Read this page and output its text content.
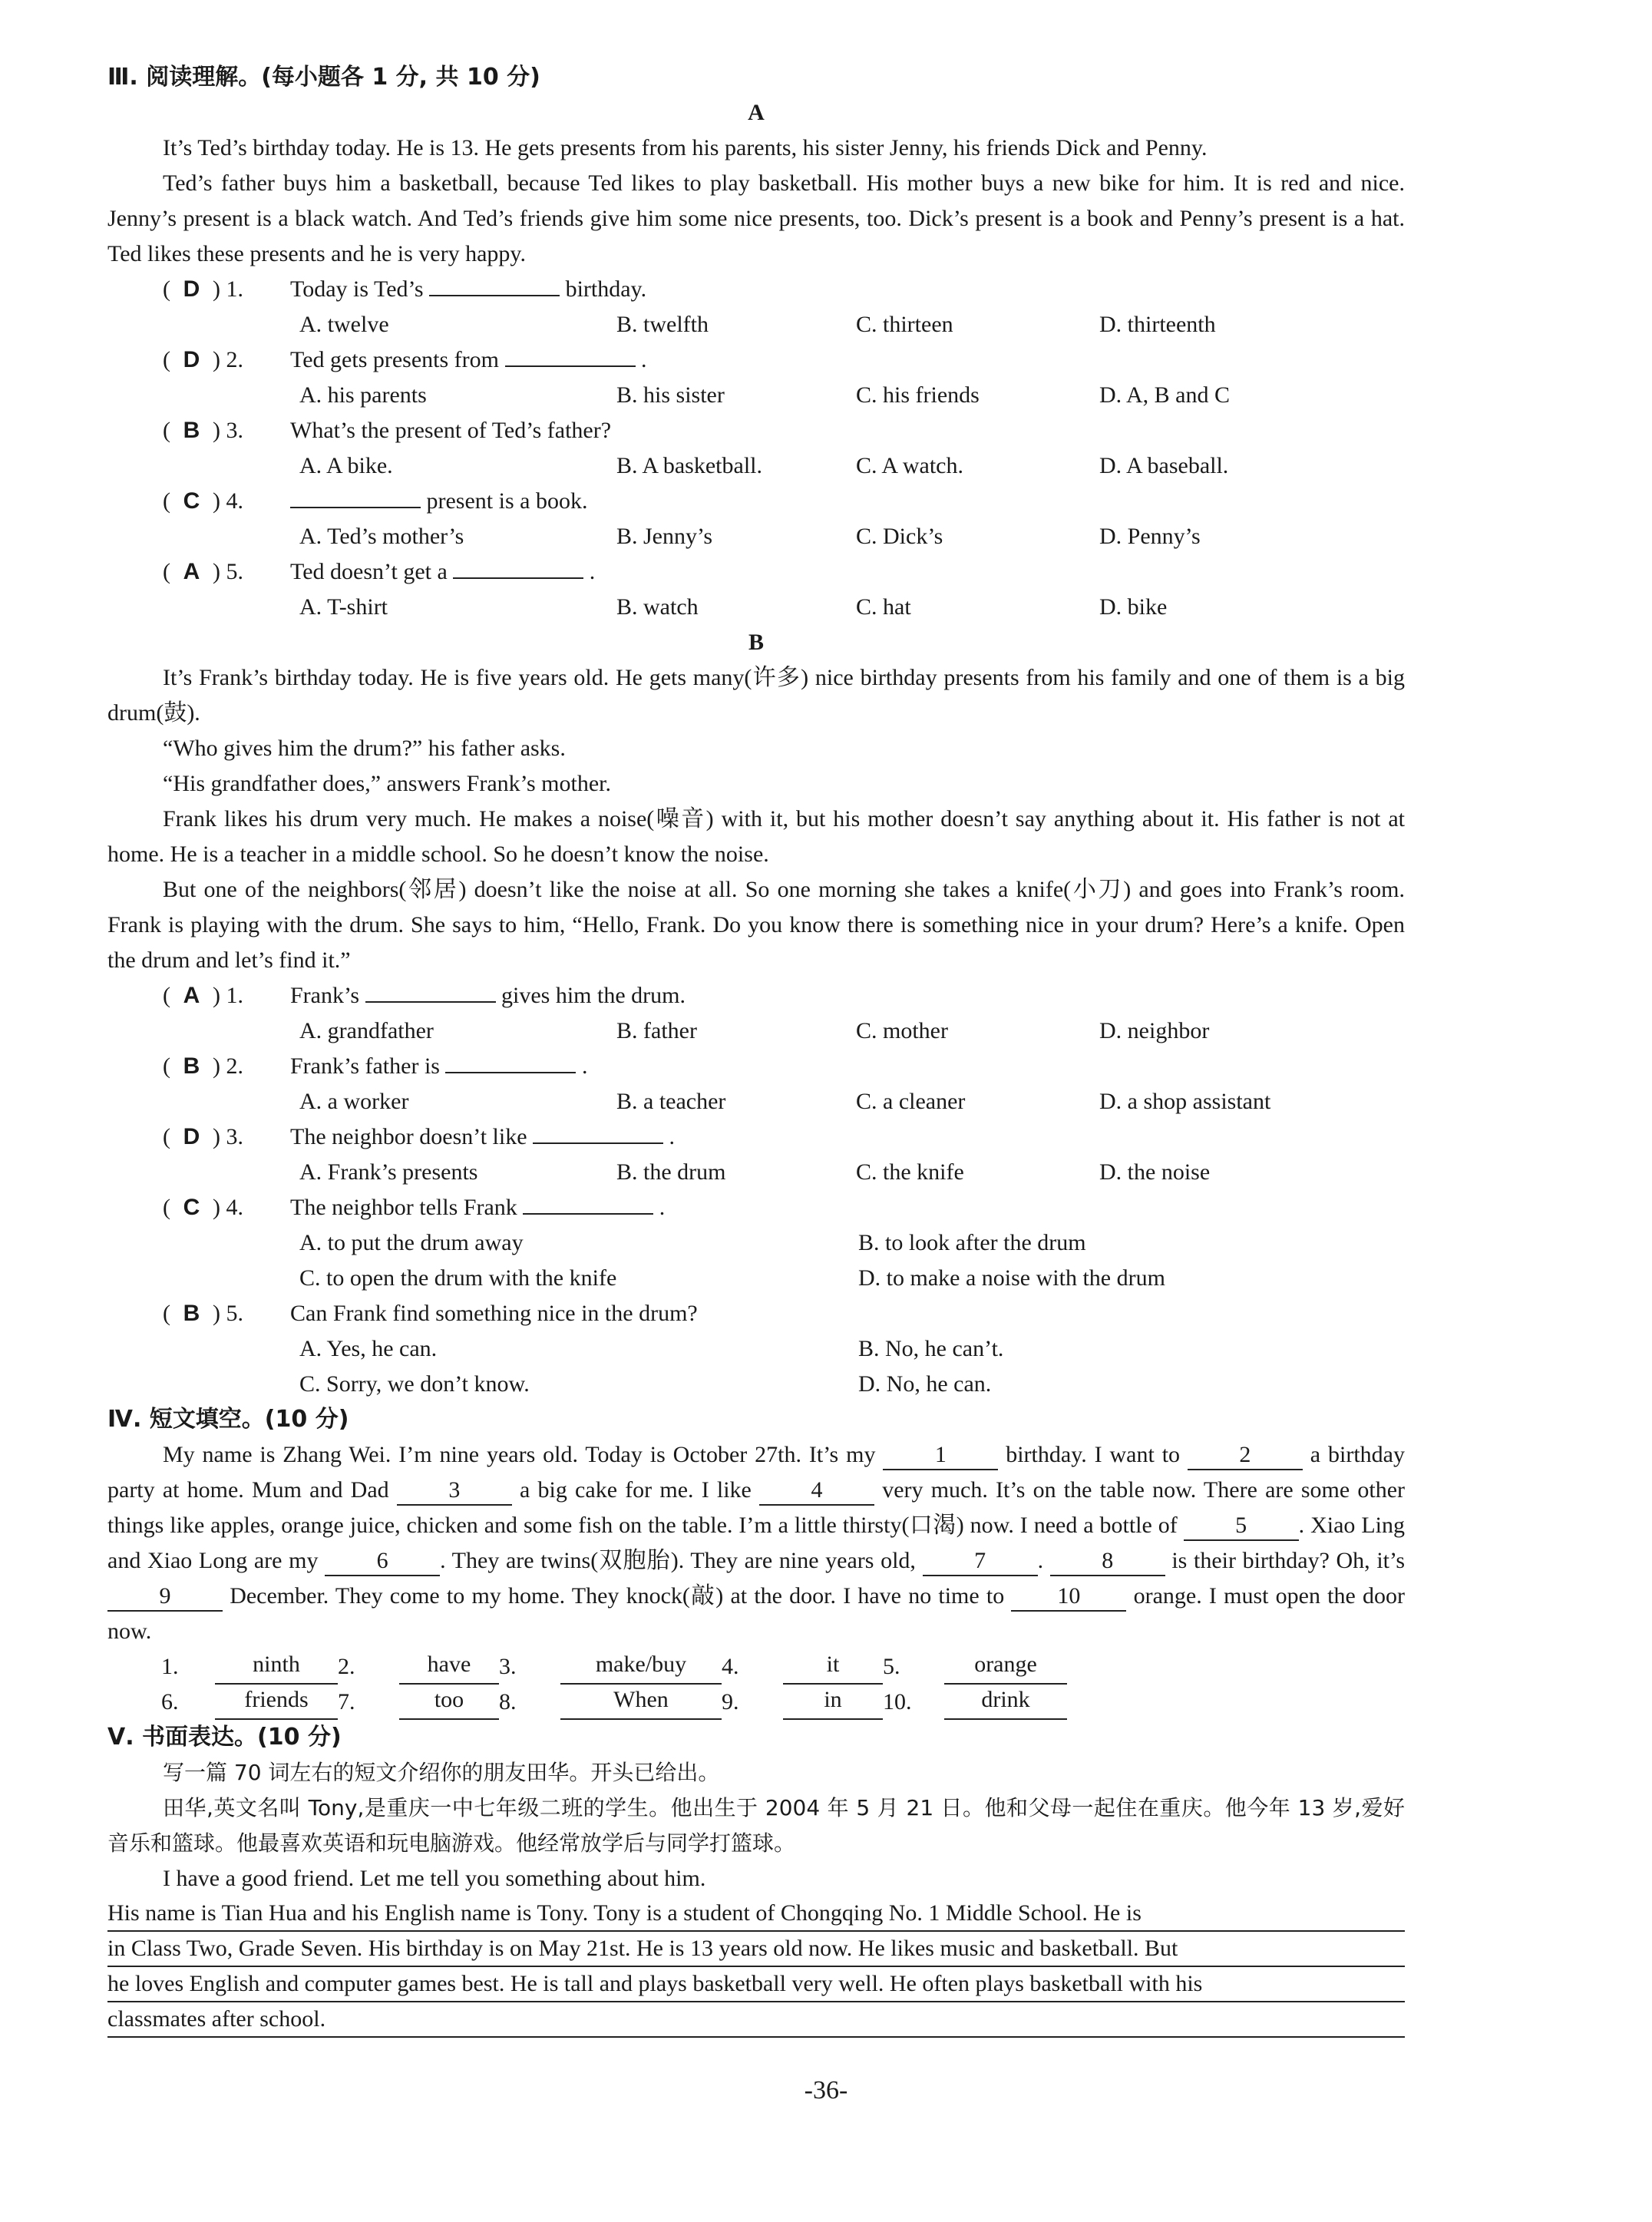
Ⅲ. 阅读理解。(每小题各 1 分, 共 10 分)
A
It’s Ted’s birthday today. He is 13. He gets presents from his parents, his sister Jenny, his friends Dick and Penny.
Ted’s father buys him a basketball, because Ted likes to play basketball. His mother buys a new bike for him. It is red and nice. Jenny’s present is a black watch. And Ted’s friends give him some nice presents, too. Dick’s present is a book and Penny’s present is a hat. Ted likes these presents and he is very happy.
( D ) 1.	Today is Ted’s	birthday.
A. twelve	B. twelfth	C. thirteen	D. thirteenth
( D ) 2.	Ted gets presents from	.
A. his parents	B. his sister	C. his friends	D. A, B and C
( B ) 3.	What’s the present of Ted’s father?
A. A bike.	B. A basketball.	C. A watch.	D. A baseball.
( C ) 4.	present is a book.
A. Ted’s mother’s	B. Jenny’s	C. Dick’s	D. Penny’s
( A ) 5.	Ted doesn’t get a	.
A. T-shirt	B. watch	C. hat	D. bike
B
It’s Frank’s birthday today. He is five years old. He gets many(许多) nice birthday presents from his family and one of them is a big drum(鼓).
“Who gives him the drum?” his father asks.
“His grandfather does,” answers Frank’s mother.
Frank likes his drum very much. He makes a noise(噪音) with it, but his mother doesn’t say anything about it. His father is not at home. He is a teacher in a middle school. So he doesn’t know the noise.
But one of the neighbors(邻居) doesn’t like the noise at all. So one morning she takes a knife(小刀) and goes into Frank’s room. Frank is playing with the drum. She says to him, “Hello, Frank. Do you know there is something nice in your drum? Here’s a knife. Open the drum and let’s find it.”
( A ) 1.	Frank’s	gives him the drum.
A. grandfather	B. father	C. mother	D. neighbor
( B ) 2.	Frank’s father is	.
A. a worker	B. a teacher	C. a cleaner	D. a shop assistant
( D ) 3.	The neighbor doesn’t like	.
A. Frank’s presents	B. the drum	C. the knife	D. the noise
( C ) 4.	The neighbor tells Frank	.
A. to put the drum away	B. to look after the drum
C. to open the drum with the knife	D. to make a noise with the drum
( B ) 5.	Can Frank find something nice in the drum?
A. Yes, he can.	B. No, he can’t.
C. Sorry, we don’t know.	D. No, he can.
Ⅳ. 短文填空。(10 分)
My name is Zhang Wei. I’m nine years old. Today is October 27th. It’s my 1 birthday. I want to 2 a birthday party at home. Mum and Dad 3 a big cake for me. I like 4 very much. It’s on the table now. There are some other things like apples, orange juice, chicken and some fish on the table. I’m a little thirsty(口渴) now. I need a bottle of 5 . Xiao Ling and Xiao Long are my 6 . They are twins(双胞胎). They are nine years old, 7 . 8 is their birthday? Oh, it’s 9 December. They come to my home. They knock(敲) at the door. I have no time to 10 orange. I must open the door now.
1.	ninth	2.	have	3.	make/buy	4.	it	5.	orange
6.	friends	7.	too	8.	When	9.	in	10.	drink
Ⅴ. 书面表达。(10 分)
写一篇 70 词左右的短文介绍你的朋友田华。开头已给出。
田华,英文名叫 Tony,是重庆一中七年级二班的学生。他出生于 2004 年 5 月 21 日。他和父母一起住在重庆。他今年 13 岁,爱好音乐和篮球。他最喜欢英语和玩电脑游戏。他经常放学后与同学打篮球。
I have a good friend. Let me tell you something about him.
His name is Tian Hua and his English name is Tony. Tony is a student of Chongqing No. 1 Middle School. He is
in Class Two, Grade Seven. His birthday is on May 21st. He is 13 years old now. He likes music and basketball. But
he loves English and computer games best. He is tall and plays basketball very well. He often plays basketball with his
classmates after school.
-36-
